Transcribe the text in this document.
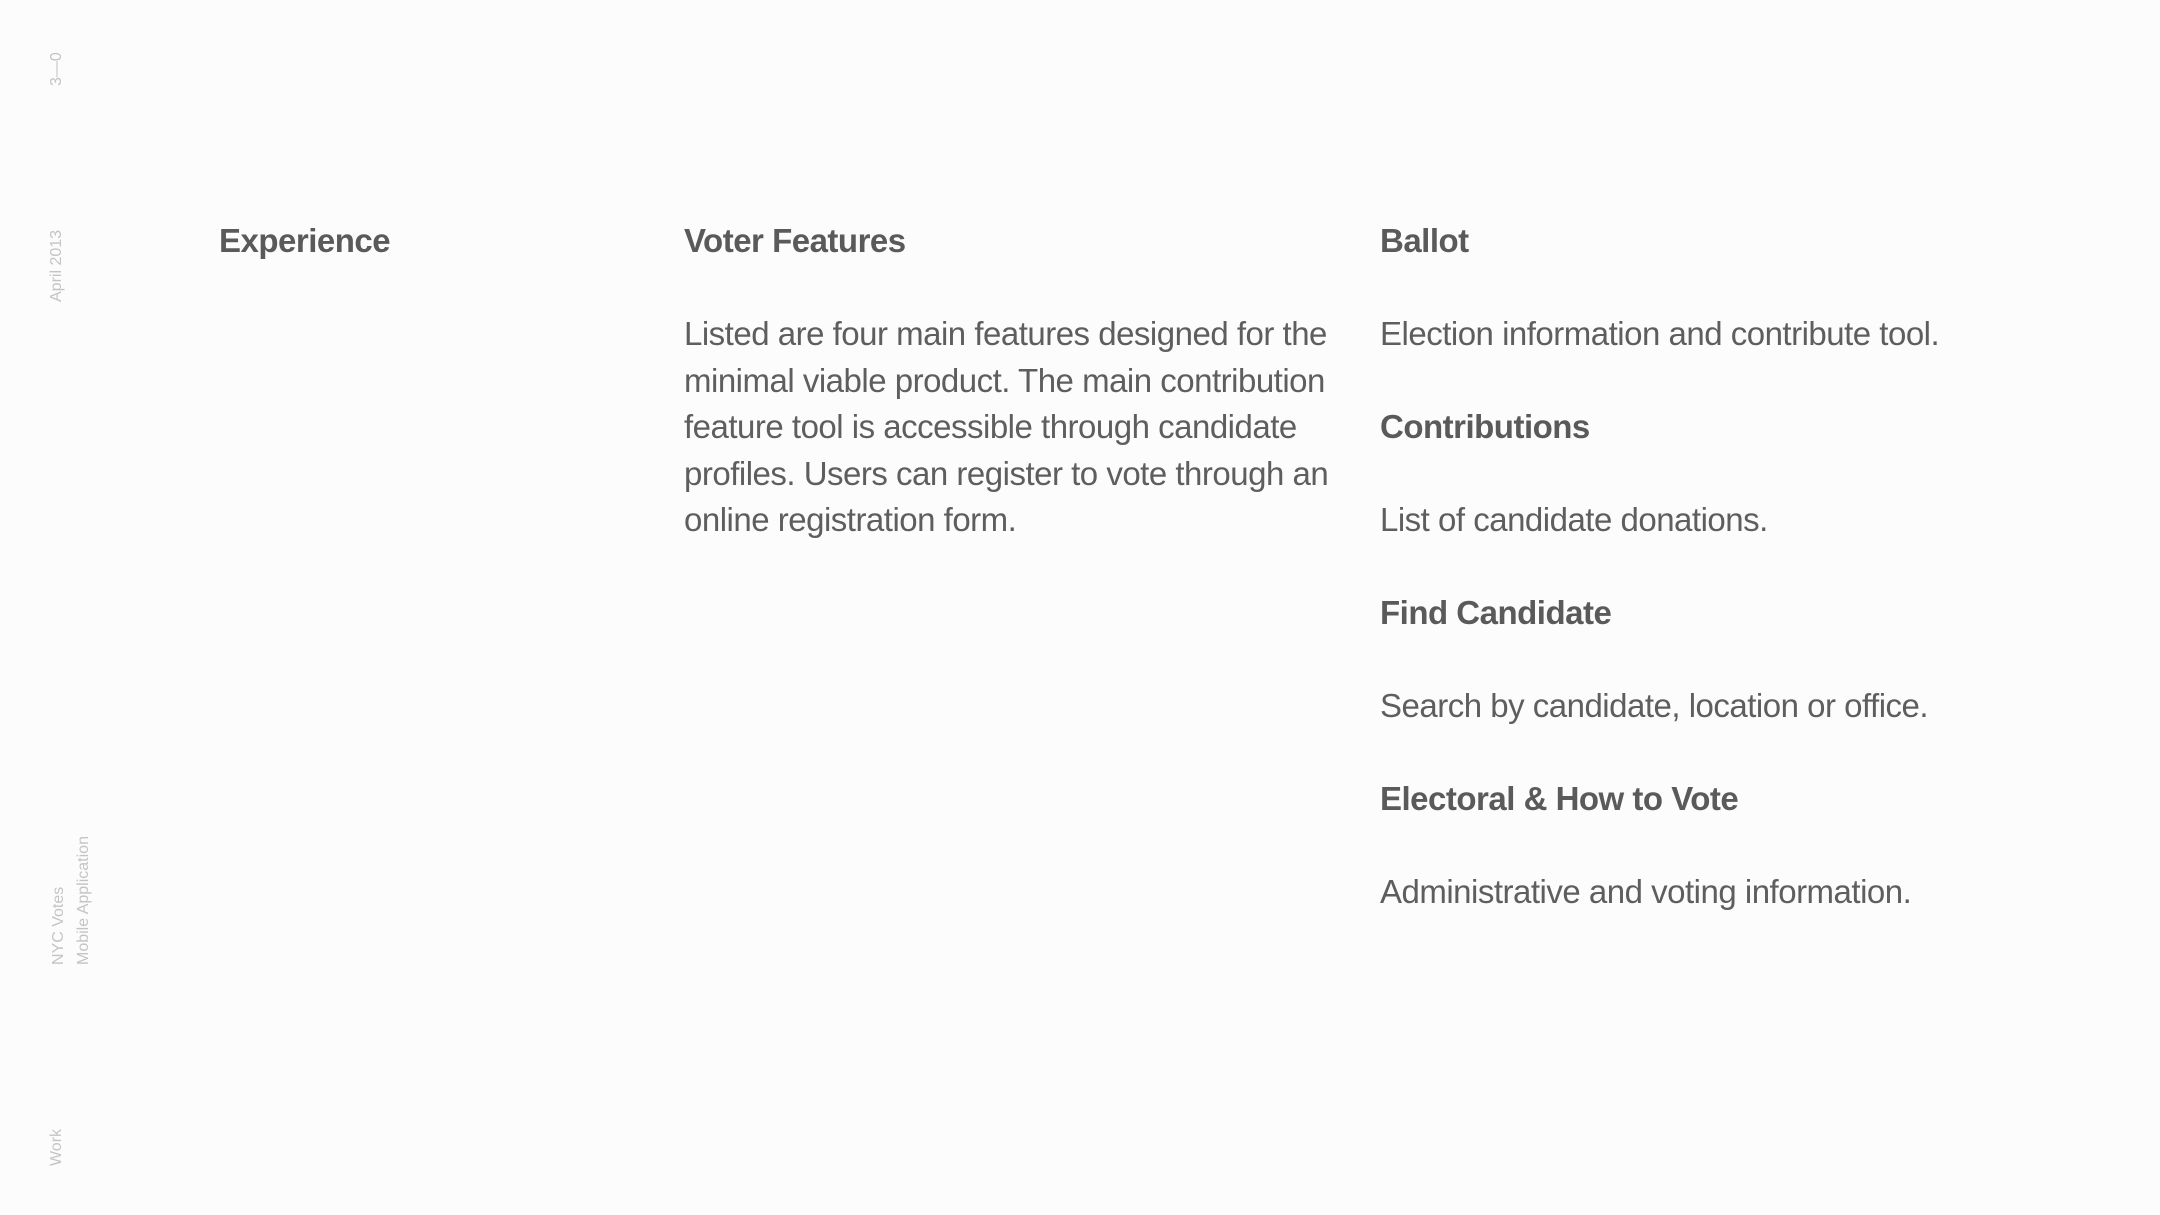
3—0
April 2013
NYC Votes Mobile Application
Work
Experience	Voter Features

Listed are four main features designed for the minimal viable product. The main contribution feature tool is accessible through candidate profiles. Users can register to vote through an online registration form.

Ballot

Election information and contribute tool.

Contributions

List of candidate donations.

Find Candidate

Search by candidate, location or office.

Electoral & How to Vote

Administrative and voting information.
